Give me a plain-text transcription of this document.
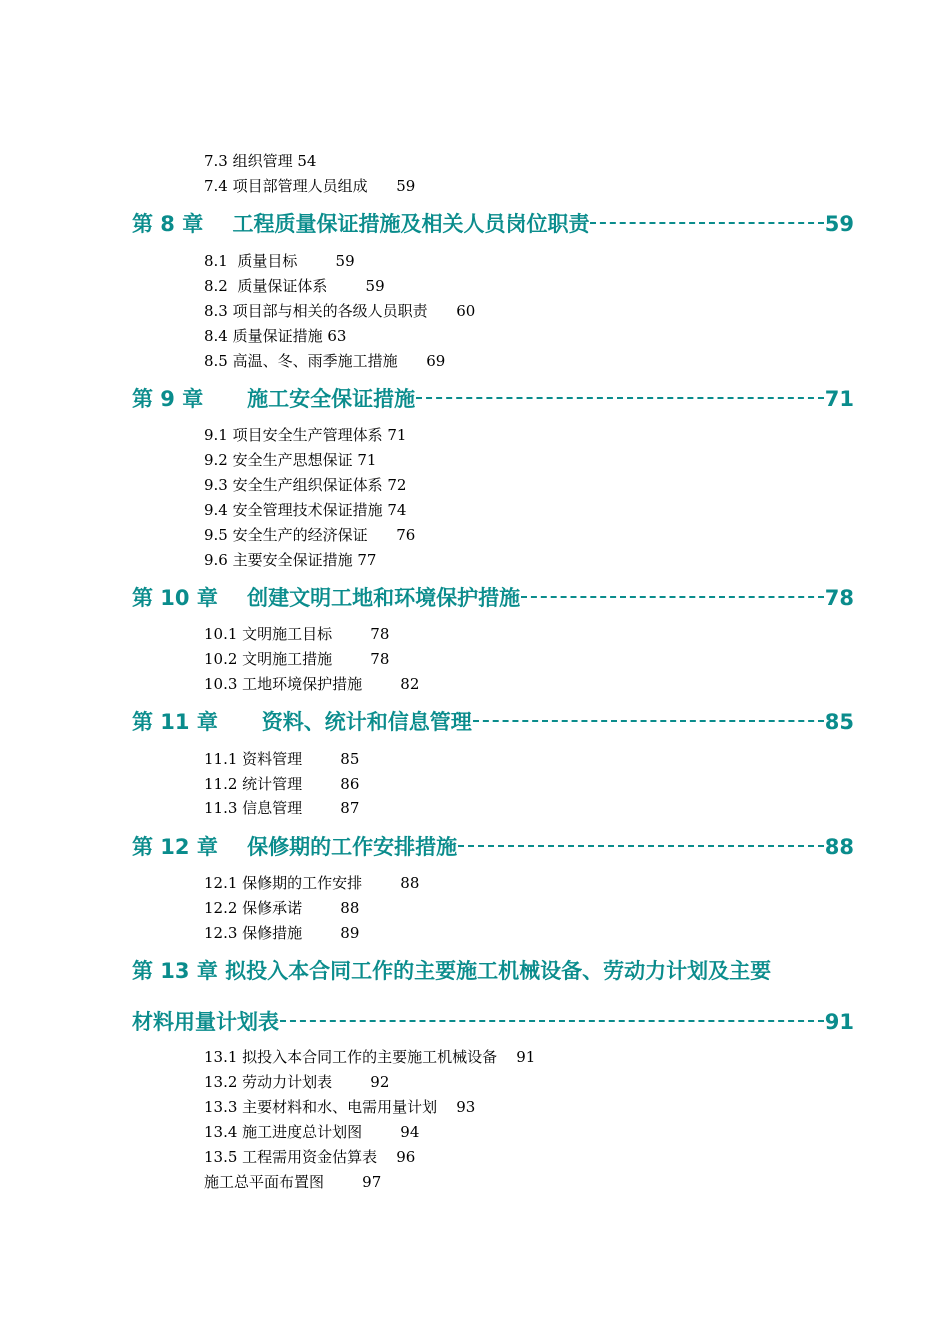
7.3 组织管理 54
7.4 项目部管理人员组成      59
第 8 章    工程质量保证措施及相关人员岗位职责	59
8.1  质量目标        59
8.2  质量保证体系        59
8.3 项目部与相关的各级人员职责      60
8.4 质量保证措施 63
8.5 高温、冬、雨季施工措施      69
第 9 章      施工安全保证措施	71
9.1 项目安全生产管理体系 71
9.2 安全生产思想保证 71
9.3 安全生产组织保证体系 72
9.4 安全管理技术保证措施 74
9.5 安全生产的经济保证      76
9.6 主要安全保证措施 77
第 10 章    创建文明工地和环境保护措施	78
10.1 文明施工目标        78
10.2 文明施工措施        78
10.3 工地环境保护措施        82
第 11 章      资料、统计和信息管理	85
11.1 资料管理        85
11.2 统计管理        86
11.3 信息管理        87
第 12 章    保修期的工作安排措施	88
12.1 保修期的工作安排        88
12.2 保修承诺        88
12.3 保修措施        89
第 13 章 拟投入本合同工作的主要施工机械设备、劳动力计划及主要
材料用量计划表	91
13.1 拟投入本合同工作的主要施工机械设备    91
13.2 劳动力计划表        92
13.3 主要材料和水、电需用量计划    93
13.4 施工进度总计划图        94
13.5 工程需用资金估算表    96
施工总平面布置图        97
